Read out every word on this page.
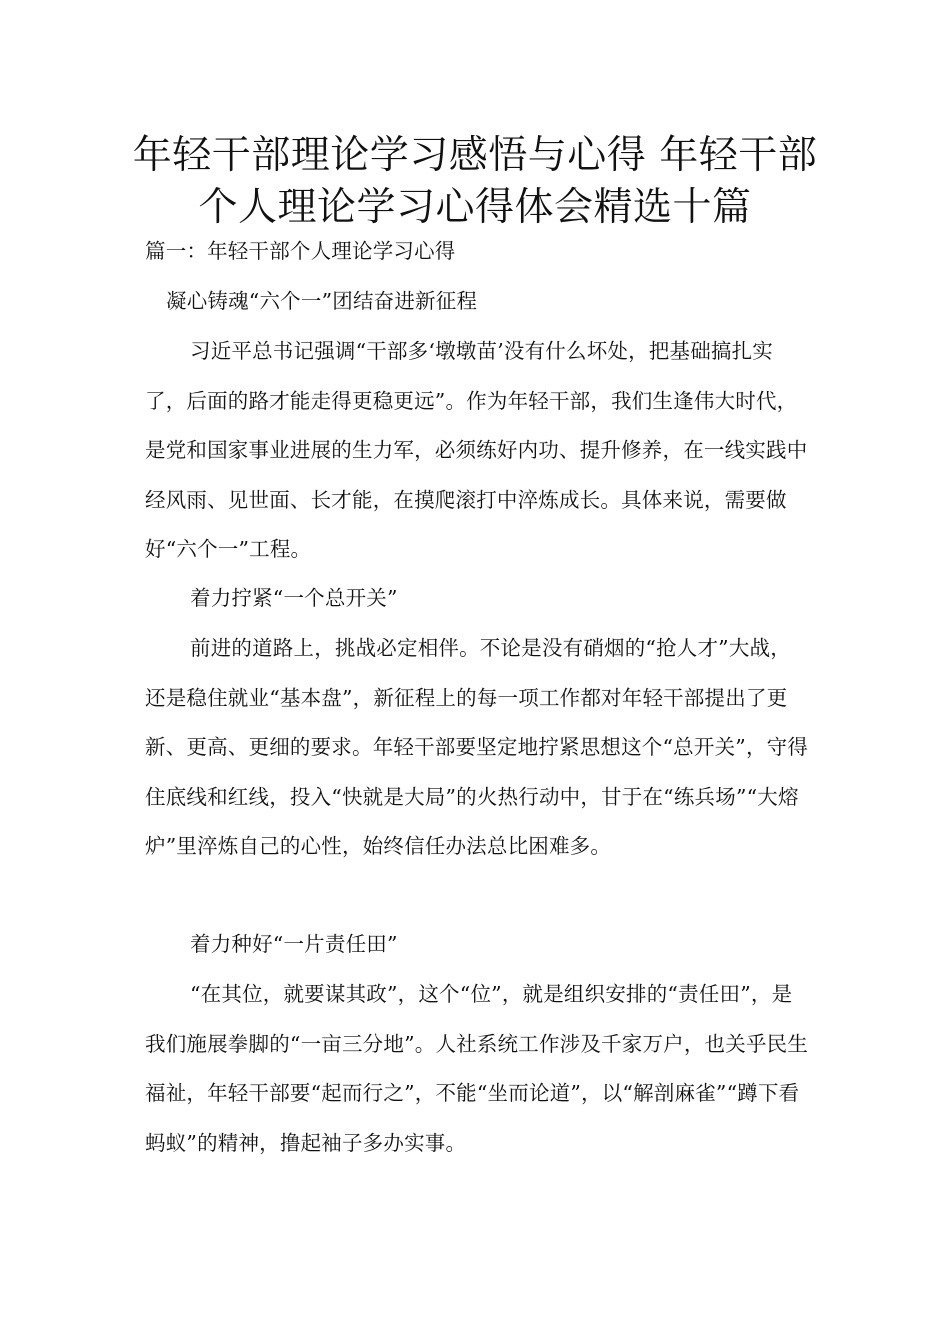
年轻干部理论学习感悟与心得 年轻干部个人理论学习心得体会精选十篇

篇一：年轻干部个人理论学习心得

凝心铸魂“六个一”团结奋进新征程

习近平总书记强调“干部多‘墩墩苗’没有什么坏处，把基础搞扎实了，后面的路才能走得更稳更远”。作为年轻干部，我们生逢伟大时代，是党和国家事业进展的生力军，必须练好内功、提升修养，在一线实践中经风雨、见世面、长才能，在摸爬滚打中淬炼成长。具体来说，需要做好“六个一”工程。

着力拧紧“一个总开关”

前进的道路上，挑战必定相伴。不论是没有硝烟的“抢人才”大战，还是稳住就业“基本盘”，新征程上的每一项工作都对年轻干部提出了更新、更高、更细的要求。年轻干部要坚定地拧紧思想这个“总开关”，守得住底线和红线，投入“快就是大局”的火热行动中，甘于在“练兵场”“大熔炉”里淬炼自己的心性，始终信任办法总比困难多。

着力种好“一片责任田”

“在其位，就要谋其政”，这个“位”，就是组织安排的“责任田”，是我们施展拳脚的“一亩三分地”。人社系统工作涉及千家万户，也关乎民生福祉，年轻干部要“起而行之”，不能“坐而论道”，以“解剖麻雀”“蹲下看蚂蚁”的精神，撸起袖子多办实事。
